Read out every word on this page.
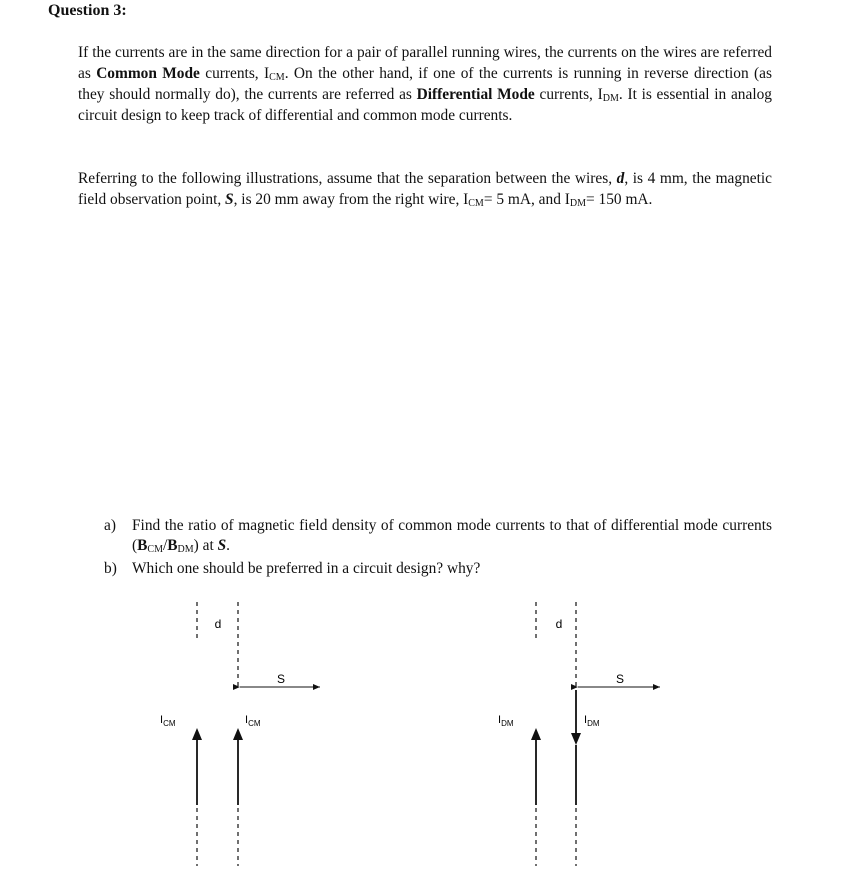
Question 3:

If the currents are in the same direction for a pair of parallel running wires, the currents on the wires are referred as Common Mode currents, $I_{CM}$. On the other hand, if one of the currents is running in reverse direction (as they should normally do), the currents are referred as Differential Mode currents, $I_{DM}$. It is essential in analog circuit design to keep track of differential and common mode currents.

Referring to the following illustrations, assume that the separation between the wires, d, is 4 mm, the magnetic field observation point, S, is 20 mm away from the right wire, $I_{CM}= 5$ mA, and $I_{DM}= 150$ mA.

a) Find the ratio of magnetic field density of common mode currents to that of differential mode currents $(B_{CM}/B_{DM})$ at S.
b) Which one should be preferred in a circuit design? why?
d
S
$I_{CM}$	$I_{CM}$
d
S
$I_{DM}$	$I_{DM}$
